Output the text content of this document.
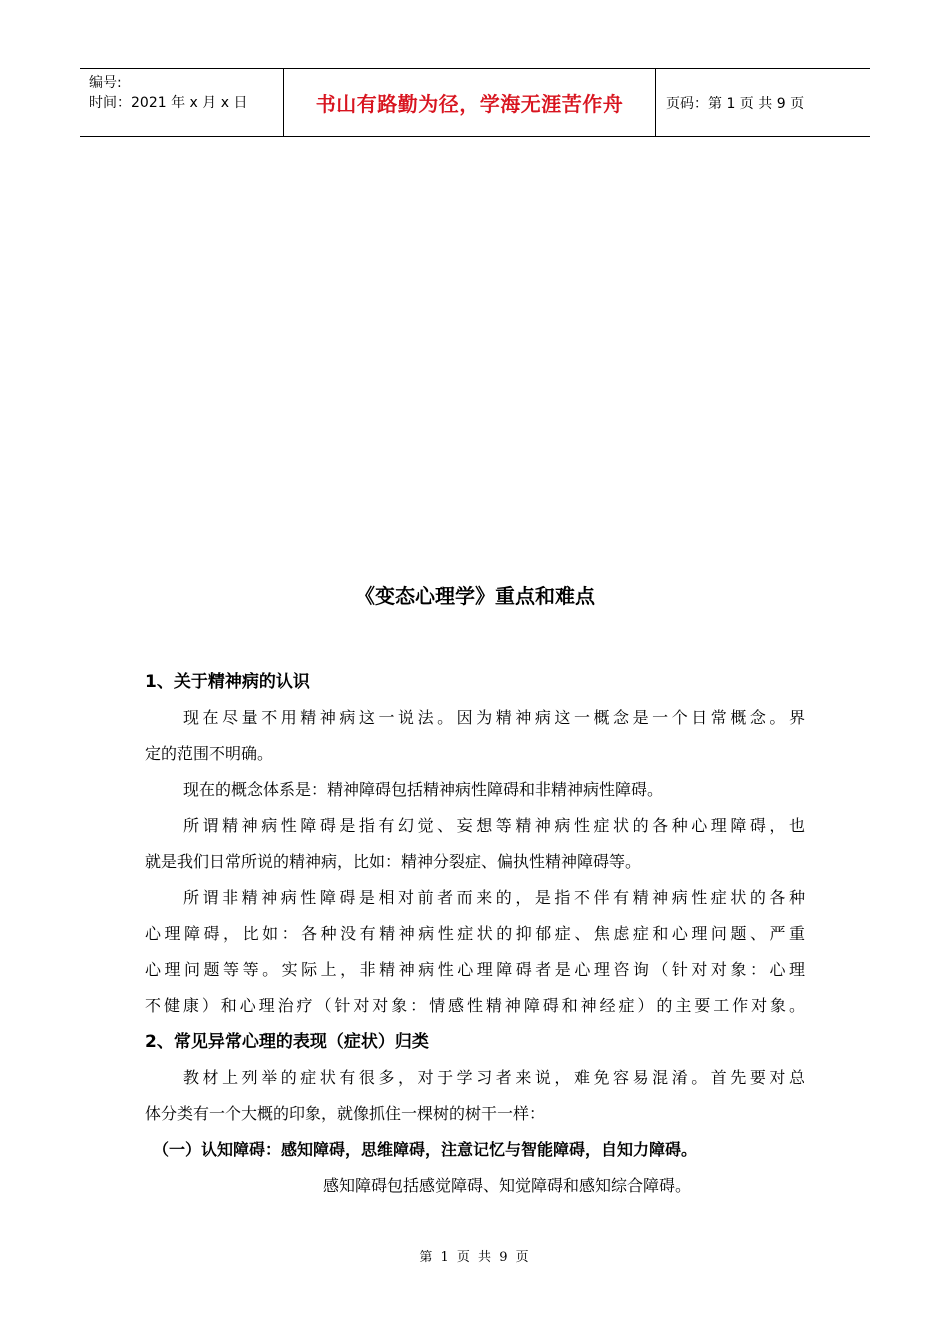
编号:
时间：2021 年 x 月 x 日	书山有路勤为径，学海无涯苦作舟	页码：第 1 页 共 9 页
《变态心理学》重点和难点
1、关于精神病的认识
现在尽量不用精神病这一说法。因为精神病这一概念是一个日常概念。界
定的范围不明确。
现在的概念体系是：精神障碍包括精神病性障碍和非精神病性障碍。
所谓精神病性障碍是指有幻觉、妄想等精神病性症状的各种心理障碍，也
就是我们日常所说的精神病，比如：精神分裂症、偏执性精神障碍等。
所谓非精神病性障碍是相对前者而来的，是指不伴有精神病性症状的各种
心理障碍，比如：各种没有精神病性症状的抑郁症、焦虑症和心理问题、严重
心理问题等等。实际上，非精神病性心理障碍者是心理咨询（针对对象：心理
不健康）和心理治疗（针对对象：情感性精神障碍和神经症）的主要工作对象。
2、常见异常心理的表现（症状）归类
教材上列举的症状有很多，对于学习者来说，难免容易混淆。首先要对总
体分类有一个大概的印象，就像抓住一棵树的树干一样：
（一）认知障碍：感知障碍，思维障碍，注意记忆与智能障碍，自知力障碍。
感知障碍包括感觉障碍、知觉障碍和感知综合障碍。
第 1 页 共 9 页
